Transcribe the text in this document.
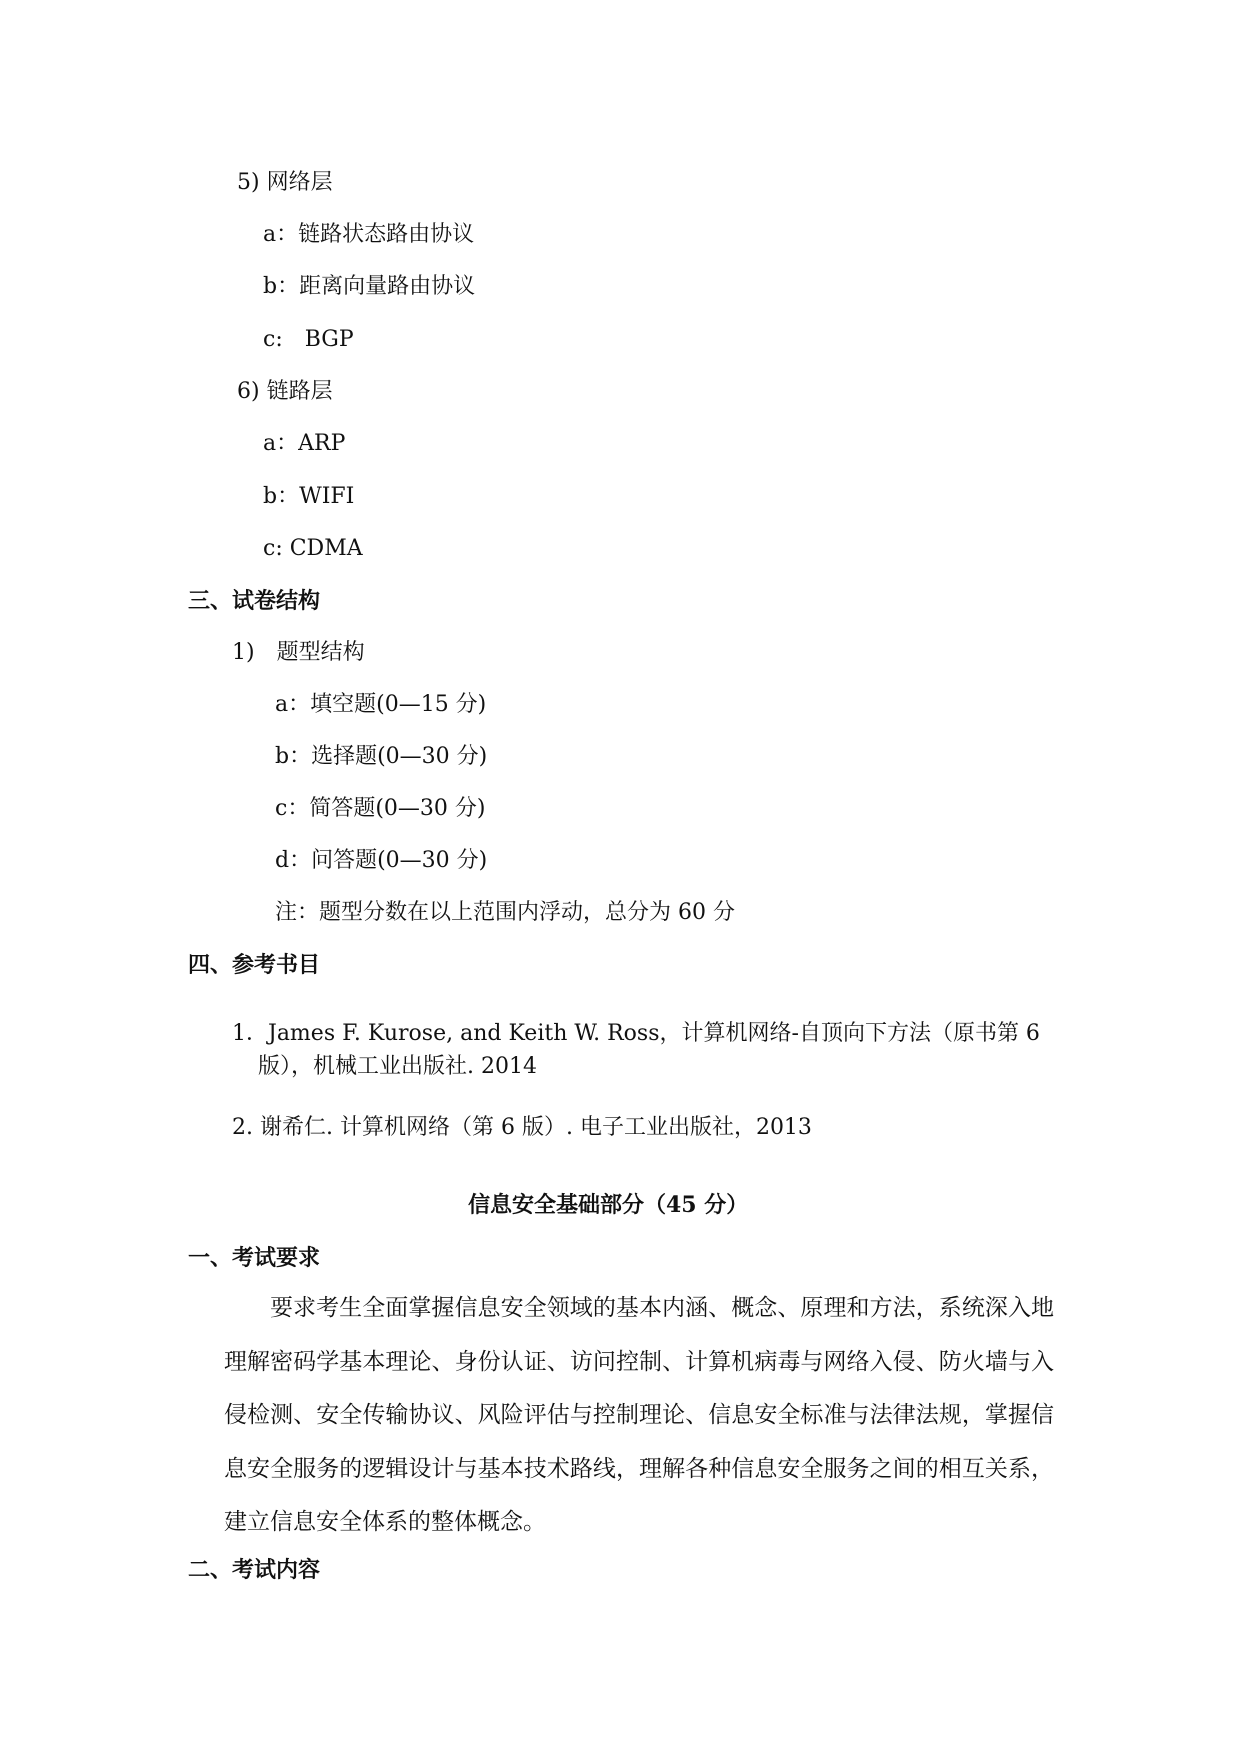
5) 网络层
a：链路状态路由协议
b：距离向量路由协议
c:　BGP
6) 链路层
a：ARP
b：WIFI
c: CDMA
三、试卷结构
1)　题型结构
a：填空题(0—15 分)
b：选择题(0—30 分)
c：简答题(0—30 分)
d：问答题(0—30 分)
注：题型分数在以上范围内浮动，总分为 60 分
四、参考书目
1．James F. Kurose, and Keith W. Ross，计算机网络-自顶向下方法（原书第 6
版），机械工业出版社. 2014
2. 谢希仁. 计算机网络（第 6 版）. 电子工业出版社，2013
信息安全基础部分（45 分）
一、考试要求

要求考生全面掌握信息安全领域的基本内涵、概念、原理和方法，系统深入地理解密码学基本理论、身份认证、访问控制、计算机病毒与网络入侵、防火墙与入侵检测、安全传输协议、风险评估与控制理论、信息安全标准与法律法规，掌握信息安全服务的逻辑设计与基本技术路线，理解各种信息安全服务之间的相互关系，建立信息安全体系的整体概念。

二、考试内容
